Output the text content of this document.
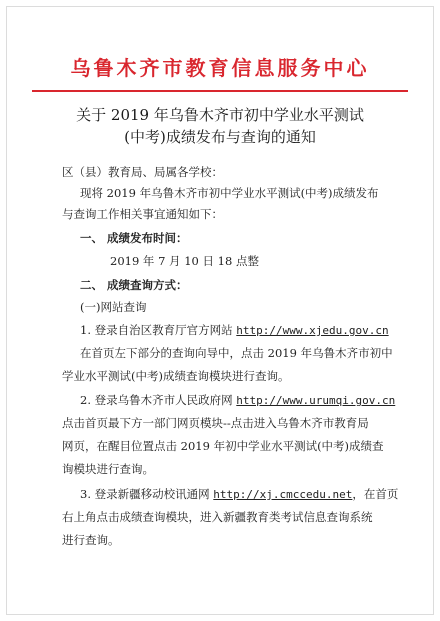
乌鲁木齐市教育信息服务中心
关于 2019 年乌鲁木齐市初中学业水平测试
(中考)成绩发布与查询的通知
区（县）教育局、局属各学校：
现将 2019 年乌鲁木齐市初中学业水平测试(中考)成绩发布
与查询工作相关事宜通知如下：
一、 成绩发布时间：
2019 年 7 月 10 日 18 点整
二、 成绩查询方式：
(一)网站查询
1. 登录自治区教育厅官方网站 http://www.xjedu.gov.cn
在首页左下部分的查询向导中，点击 2019 年乌鲁木齐市初中
学业水平测试(中考)成绩查询模块进行查询。
2. 登录乌鲁木齐市人民政府网 http://www.urumqi.gov.cn
点击首页最下方一部门网页模块--点击进入乌鲁木齐市教育局
网页，在醒目位置点击 2019 年初中学业水平测试(中考)成绩查
询模块进行查询。
3. 登录新疆移动校讯通网 http://xj.cmccedu.net，在首页
右上角点击成绩查询模块，进入新疆教育类考试信息查询系统
进行查询。
